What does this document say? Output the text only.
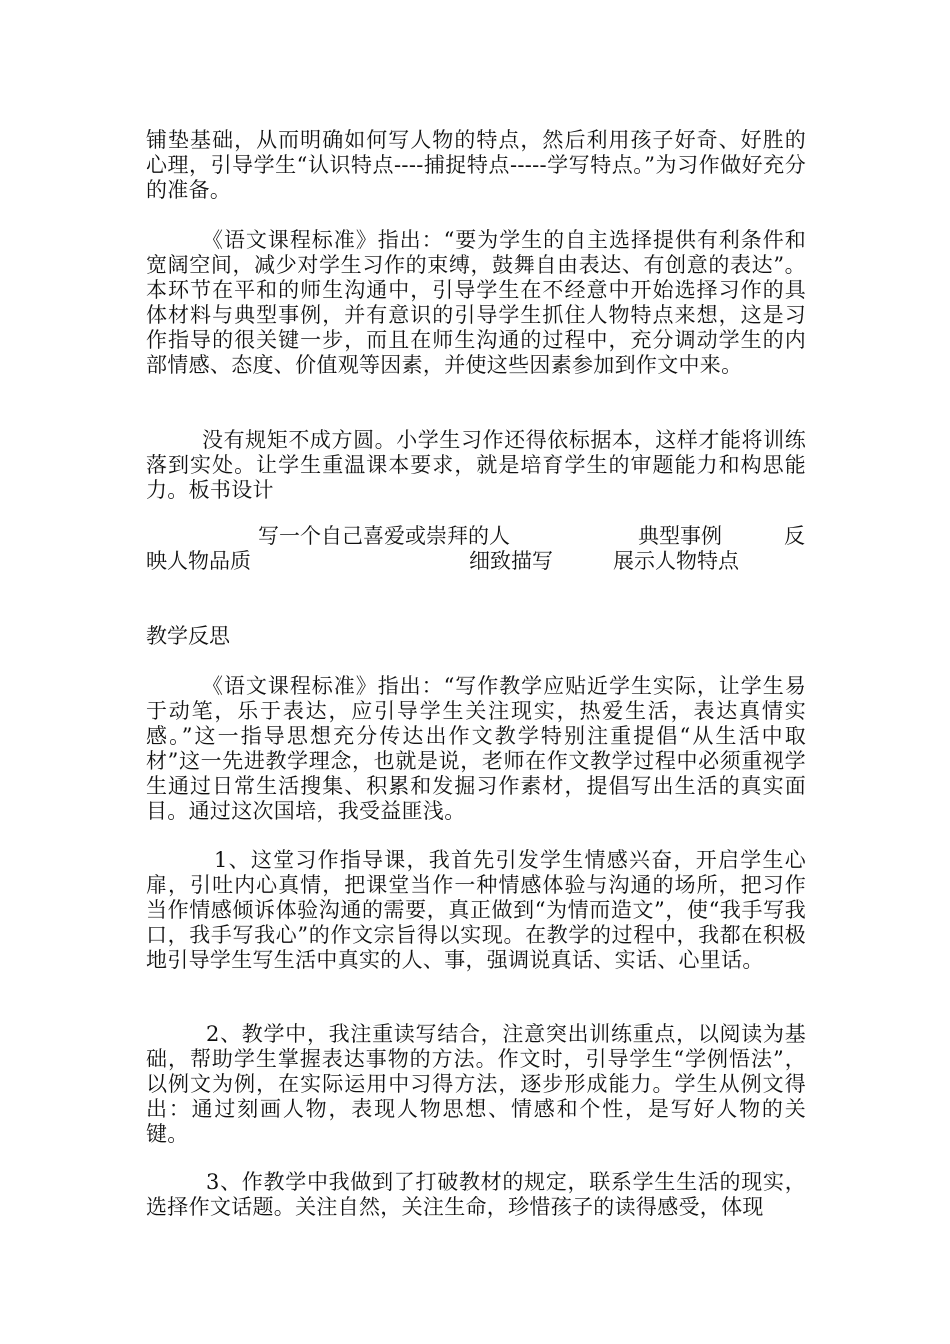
铺垫基础，从而明确如何写人物的特点，然后利用孩子好奇、好胜的心理，引导学生“认识特点----捕捉特点-----学写特点。”为习作做好充分的准备。
《语文课程标准》指出：“要为学生的自主选择提供有利条件和宽阔空间，减少对学生习作的束缚，鼓舞自由表达、有创意的表达”。本环节在平和的师生沟通中，引导学生在不经意中开始选择习作的具体材料与典型事例，并有意识的引导学生抓住人物特点来想，这是习作指导的很关键一步，而且在师生沟通的过程中，充分调动学生的内部情感、态度、价值观等因素，并使这些因素参加到作文中来。
没有规矩不成方圆。小学生习作还得依标据本，这样才能将训练落到实处。让学生重温课本要求，就是培育学生的审题能力和构思能力。板书设计
写一个自己喜爱或崇拜的人	典型事例	反
映人物品质	细致描写	展示人物特点
教学反思
《语文课程标准》指出：“写作教学应贴近学生实际，让学生易于动笔，乐于表达，应引导学生关注现实，热爱生活，表达真情实感。”这一指导思想充分传达出作文教学特别注重提倡“从生活中取材”这一先进教学理念，也就是说，老师在作文教学过程中必须重视学生通过日常生活搜集、积累和发掘习作素材，提倡写出生活的真实面目。通过这次国培，我受益匪浅。
1、这堂习作指导课，我首先引发学生情感兴奋，开启学生心扉，引吐内心真情，把课堂当作一种情感体验与沟通的场所，把习作当作情感倾诉体验沟通的需要，真正做到“为情而造文”，使“我手写我口，我手写我心”的作文宗旨得以实现。在教学的过程中，我都在积极地引导学生写生活中真实的人、事，强调说真话、实话、心里话。
2、教学中，我注重读写结合，注意突出训练重点，以阅读为基础，帮助学生掌握表达事物的方法。作文时，引导学生“学例悟法”，以例文为例，在实际运用中习得方法，逐步形成能力。学生从例文得出：通过刻画人物，表现人物思想、情感和个性，是写好人物的关键。
3、作教学中我做到了打破教材的规定，联系学生生活的现实，选择作文话题。关注自然，关注生命，珍惜孩子的读得感受，体现
